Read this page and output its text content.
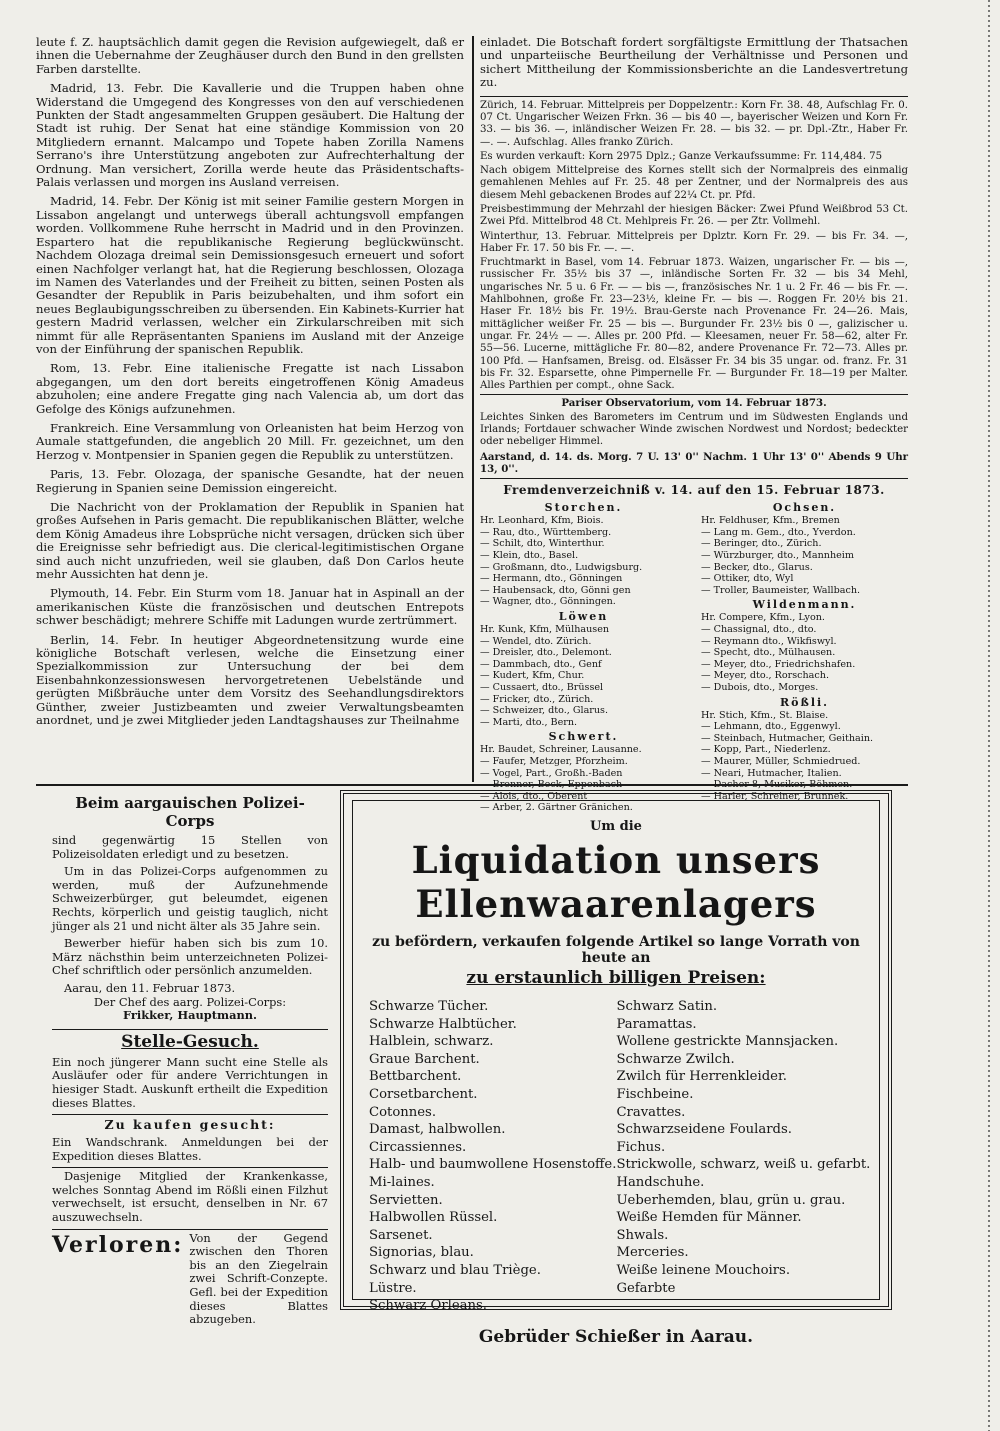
leute f. Z. hauptsächlich damit gegen die Revision aufgewiegelt, daß er ihnen die Uebernahme der Zeughäuser durch den Bund in den grellsten Farben darstellte.

Madrid, 13. Febr. Die Kavallerie und die Truppen haben ohne Widerstand die Umgegend des Kongresses von den auf verschiedenen Punkten der Stadt angesammelten Gruppen gesäubert. Die Haltung der Stadt ist ruhig. Der Senat hat eine ständige Kommission von 20 Mitgliedern ernannt. Malcampo und Topete haben Zorilla Namens Serrano's ihre Unterstützung angeboten zur Aufrechterhaltung der Ordnung. Man versichert, Zorilla werde heute das Präsidentschafts-Palais verlassen und morgen ins Ausland verreisen.

Madrid, 14. Febr. Der König ist mit seiner Familie gestern Morgen in Lissabon angelangt und unterwegs überall achtungsvoll empfangen worden. Vollkommene Ruhe herrscht in Madrid und in den Provinzen. Espartero hat die republikanische Regierung beglückwünscht. Nachdem Olozaga dreimal sein Demissionsgesuch erneuert und sofort einen Nachfolger verlangt hat, hat die Regierung beschlossen, Olozaga im Namen des Vaterlandes und der Freiheit zu bitten, seinen Posten als Gesandter der Republik in Paris beizubehalten, und ihm sofort ein neues Beglaubigungsschreiben zu übersenden. Ein Kabinets-Kurrier hat gestern Madrid verlassen, welcher ein Zirkularschreiben mit sich nimmt für alle Repräsentanten Spaniens im Ausland mit der Anzeige von der Einführung der spanischen Republik.

Rom, 13. Febr. Eine italienische Fregatte ist nach Lissabon abgegangen, um den dort bereits eingetroffenen König Amadeus abzuholen; eine andere Fregatte ging nach Valencia ab, um dort das Gefolge des Königs aufzunehmen.

Frankreich. Eine Versammlung von Orleanisten hat beim Herzog von Aumale stattgefunden, die angeblich 20 Mill. Fr. gezeichnet, um den Herzog v. Montpensier in Spanien gegen die Republik zu unterstützen.

Paris, 13. Febr. Olozaga, der spanische Gesandte, hat der neuen Regierung in Spanien seine Demission eingereicht.

Die Nachricht von der Proklamation der Republik in Spanien hat großes Aufsehen in Paris gemacht. Die republikanischen Blätter, welche dem König Amadeus ihre Lobsprüche nicht versagen, drücken sich über die Ereignisse sehr befriedigt aus. Die clerical-legitimistischen Organe sind auch nicht unzufrieden, weil sie glauben, daß Don Carlos heute mehr Aussichten hat denn je.

Plymouth, 14. Febr. Ein Sturm vom 18. Januar hat in Aspinall an der amerikanischen Küste die französischen und deutschen Entrepots schwer beschädigt; mehrere Schiffe mit Ladungen wurde zertrümmert.

Berlin, 14. Febr. In heutiger Abgeordnetensitzung wurde eine königliche Botschaft verlesen, welche die Einsetzung einer Spezialkommission zur Untersuchung der bei dem Eisenbahnkonzessionswesen hervorgetretenen Uebelstände und gerügten Mißbräuche unter dem Vorsitz des Seehandlungsdirektors Günther, zweier Justizbeamten und zweier Verwaltungsbeamten anordnet, und je zwei Mitglieder jeden Landtagshauses zur Theilnahme

einladet. Die Botschaft fordert sorgfältigste Ermittlung der Thatsachen und unparteiische Beurtheilung der Verhältnisse und Personen und sichert Mittheilung der Kommissionsberichte an die Landesvertretung zu.

Zürich, 14. Februar. Mittelpreis per Doppelzentr.: Korn Fr. 38. 48, Aufschlag Fr. 0. 07 Ct. Ungarischer Weizen Frkn. 36 — bis 40 —, bayerischer Weizen und Korn Fr. 33. — bis 36. —, inländischer Weizen Fr. 28. — bis 32. — pr. Dpl.-Ztr., Haber Fr. —. —. Aufschlag. Alles franko Zürich.

Es wurden verkauft: Korn 2975 Dplz.; Ganze Verkaufssumme: Fr. 114,484. 75

Nach obigem Mittelpreise des Kornes stellt sich der Normalpreis des einmalig gemahlenen Mehles auf Fr. 25. 48 per Zentner, und der Normalpreis des aus diesem Mehl gebackenen Brodes auf 22¼ Ct. pr. Pfd.

Preisbestimmung der Mehrzahl der hiesigen Bäcker: Zwei Pfund Weißbrod 53 Ct. Zwei Pfd. Mittelbrod 48 Ct. Mehlpreis Fr. 26. — per Ztr. Vollmehl.

Winterthur, 13. Februar. Mittelpreis per Dplztr. Korn Fr. 29. — bis Fr. 34. —, Haber Fr. 17. 50 bis Fr. —. —.

Fruchtmarkt in Basel, vom 14. Februar 1873. Waizen, ungarischer Fr. — bis —, russischer Fr. 35½ bis 37 —, inländische Sorten Fr. 32 — bis 34 Mehl, ungarisches Nr. 5 u. 6 Fr. — — bis —, französisches Nr. 1 u. 2 Fr. 46 — bis Fr. —. Mahlbohnen, große Fr. 23—23½, kleine Fr. — bis —. Roggen Fr. 20½ bis 21. Haser Fr. 18½ bis Fr. 19½. Brau-Gerste nach Provenance Fr. 24—26. Mais, mittäglicher weißer Fr. 25 — bis —. Burgunder Fr. 23½ bis 0 —, galizischer u. ungar. Fr. 24½ — —. Alles pr. 200 Pfd. — Kleesamen, neuer Fr. 58—62, alter Fr. 55—56. Lucerne, mittägliche Fr. 80—82, andere Provenance Fr. 72—73. Alles pr. 100 Pfd. — Hanfsamen, Breisg. od. Elsässer Fr. 34 bis 35 ungar. od. franz. Fr. 31 bis Fr. 32. Esparsette, ohne Pimpernelle Fr. — Burgunder Fr. 18—19 per Malter. Alles Parthien per compt., ohne Sack.

Pariser Observatorium, vom 14. Februar 1873.

Leichtes Sinken des Barometers im Centrum und im Südwesten Englands und Irlands; Fortdauer schwacher Winde zwischen Nordwest und Nordost; bedeckter oder nebeliger Himmel.

Aarstand, d. 14. ds. Morg. 7 U. 13' 0'' Nachm. 1 Uhr 13' 0'' Abends 9 Uhr 13, 0''.

Fremdenverzeichniß v. 14. auf den 15. Februar 1873.
Storchen.
Hr. Leonhard, Kfm, Biois.
— Rau, dto., Württemberg.
— Schilt, dto, Winterthur.
— Klein, dto., Basel.
— Großmann, dto., Ludwigsburg.
— Hermann, dto., Gönningen
— Haubensack, dto, Gönni gen
— Wagner, dto., Gönningen.
Löwen
Hr. Kunk, Kfm, Mülhausen
— Wendel, dto. Zürich.
— Dreisler, dto., Delemont.
— Dammbach, dto., Genf
— Kudert, Kfm, Chur.
— Cussaert, dto., Brüssel
— Fricker, dto., Zürich.
— Schweizer, dto., Glarus.
— Marti, dto., Bern.
Schwert.
Hr. Baudet, Schreiner, Lausanne.
— Faufer, Metzger, Pforzheim.
— Vogel, Part., Großh.-Baden
— Alois, dto., Oberent
— Arber, 2. Gärtner Gränichen.
Ochsen.
Hr. Feldhuser, Kfm., Bremen
— Lang m. Gem., dto., Yverdon.
— Beringer, dto., Zürich.
— Würzburger, dto., Mannheim
— Becker, dto., Glarus.
— Ottiker, dto, Wyl
— Troller, Baumeister, Wallbach.
Wildenmann.
Hr. Compere, Kfm., Lyon.
— Chassignal, dto., dto.
— Reymann dto., Wikfiswyl.
— Specht, dto., Mülhausen.
— Meyer, dto., Friedrichshafen.
— Meyer, dto., Rorschach.
— Dubois, dto., Morges.
Rößli.
Hr. Stich, Kfm., St. Blaise.
— Lehmann, dto., Eggenwyl.
— Steinbach, Hutmacher, Geithain.
— Kopp, Part., Niederlenz.
— Maurer, Müller, Schmiedrued.
— Neari, Hutmacher, Italien.
— Harler, Schreiner, Brunnek.
Beim aargauischen Polizei-Corps

sind gegenwärtig 15 Stellen von Polizeisoldaten erledigt und zu besetzen.

Um in das Polizei-Corps aufgenommen zu werden, muß der Aufzunehmende Schweizerbürger, gut beleumdet, eigenen Rechts, körperlich und geistig tauglich, nicht jünger als 21 und nicht älter als 35 Jahre sein.

Bewerber hiefür haben sich bis zum 10. März nächsthin beim unterzeichneten Polizei-Chef schriftlich oder persönlich anzumelden.

Aarau, den 11. Februar 1873.

Der Chef des aarg. Polizei-Corps:

Frikker, Hauptmann.

Stelle-Gesuch.

Ein noch jüngerer Mann sucht eine Stelle als Ausläufer oder für andere Verrichtungen in hiesiger Stadt. Auskunft ertheilt die Expedition dieses Blattes.

Zu kaufen gesucht:

Ein Wandschrank. Anmeldungen bei der Expedition dieses Blattes.

Dasjenige Mitglied der Krankenkasse, welches Sonntag Abend im Rößli einen Filzhut verwechselt, ist ersucht, denselben in Nr. 67 auszuwechseln.

Verloren: Von der Gegend zwischen den Thoren bis an den Ziegelrain zwei Schrift-Conzepte. Gefl. bei der Expedition dieses Blattes abzugeben.
Um die
Liquidation unsers Ellenwaarenlagers
zu befördern, verkaufen folgende Artikel so lange Vorrath von heute an
zu erstaunlich billigen Preisen:
Schwarze Tücher.
Schwarze Halbtücher.
Halblein, schwarz.
Graue Barchent.
Bettbarchent.
Corsetbarchent.
Cotonnes.
Damast, halbwollen.
Circassiennes.
Halb- und baumwollene Hosenstoffe.
Mi-laines.
Servietten.
Halbwollen Rüssel.
Sarsenet.
Signorias, blau.
Schwarz und blau Triège.
Lüstre.
Schwarz Orleans.
Schwarz Satin.
Paramattas.
Wollene gestrickte Mannsjacken.
Schwarze Zwilch.
Zwilch für Herrenkleider.
Fischbeine.
Cravattes.
Schwarzseidene Foulards.
Fichus.
Strickwolle, schwarz, weiß u. gefarbt.
Handschuhe.
Ueberhemden, blau, grün u. grau.
Weiße Hemden für Männer.
Shwals.
Merceries.
Weiße leinene Mouchoirs.
Gefarbte
Gebrüder Schießer in Aarau.
